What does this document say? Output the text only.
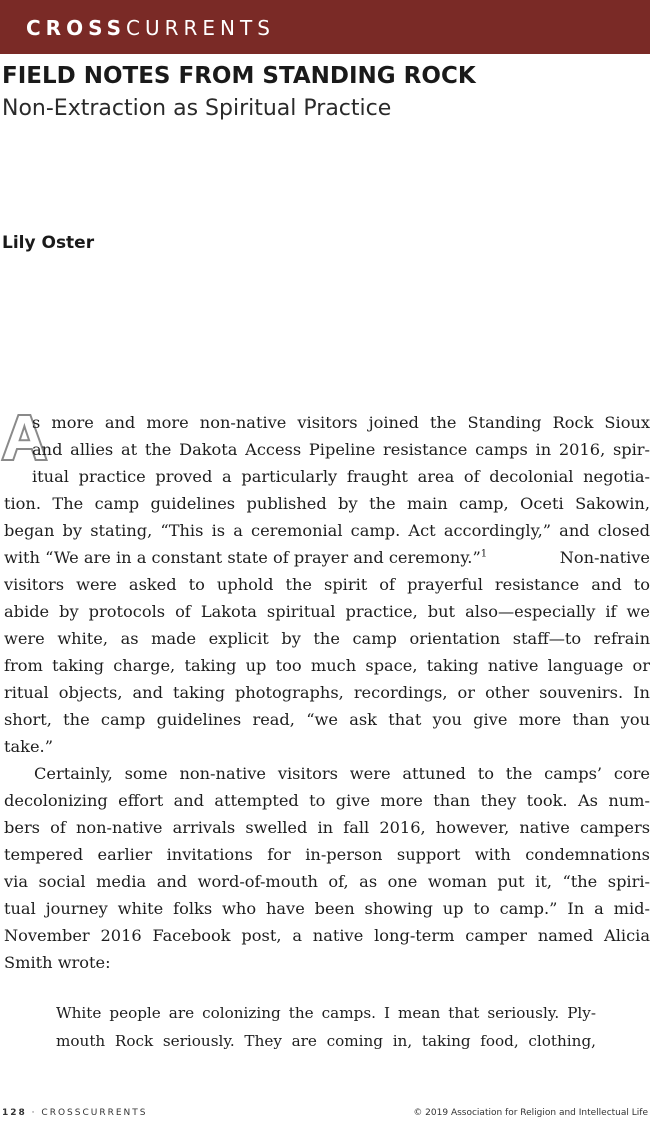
CROSSCURRENTS
FIELD NOTES FROM STANDING ROCK
Non-Extraction as Spiritual Practice
Lily Oster
A
s more and more non-native visitors joined the Standing Rock Sioux
and allies at the Dakota Access Pipeline resistance camps in 2016, spir-
itual practice proved a particularly fraught area of decolonial negotia-
tion. The camp guidelines published by the main camp, Oceti Sakowin,
began by stating, “This is a ceremonial camp. Act accordingly,” and closed
with “We are in a constant state of prayer and ceremony.”$^1$	Non-native
visitors were asked to uphold the spirit of prayerful resistance and to
abide by protocols of Lakota spiritual practice, but also—especially if we
were white, as made explicit by the camp orientation staff—to refrain
from taking charge, taking up too much space, taking native language or
ritual objects, and taking photographs, recordings, or other souvenirs. In
short, the camp guidelines read, “we ask that you give more than you
take.”
Certainly, some non-native visitors were attuned to the camps’ core
decolonizing effort and attempted to give more than they took. As num-
bers of non-native arrivals swelled in fall 2016, however, native campers
tempered earlier invitations for in-person support with condemnations
via social media and word-of-mouth of, as one woman put it, “the spiri-
tual journey white folks who have been showing up to camp.” In a mid-
November 2016 Facebook post, a native long-term camper named Alicia
Smith wrote:
White people are colonizing the camps. I mean that seriously. Ply-
mouth Rock seriously. They are coming in, taking food, clothing,
128 · CROSSCURRENTS	© 2019 Association for Religion and Intellectual Life
